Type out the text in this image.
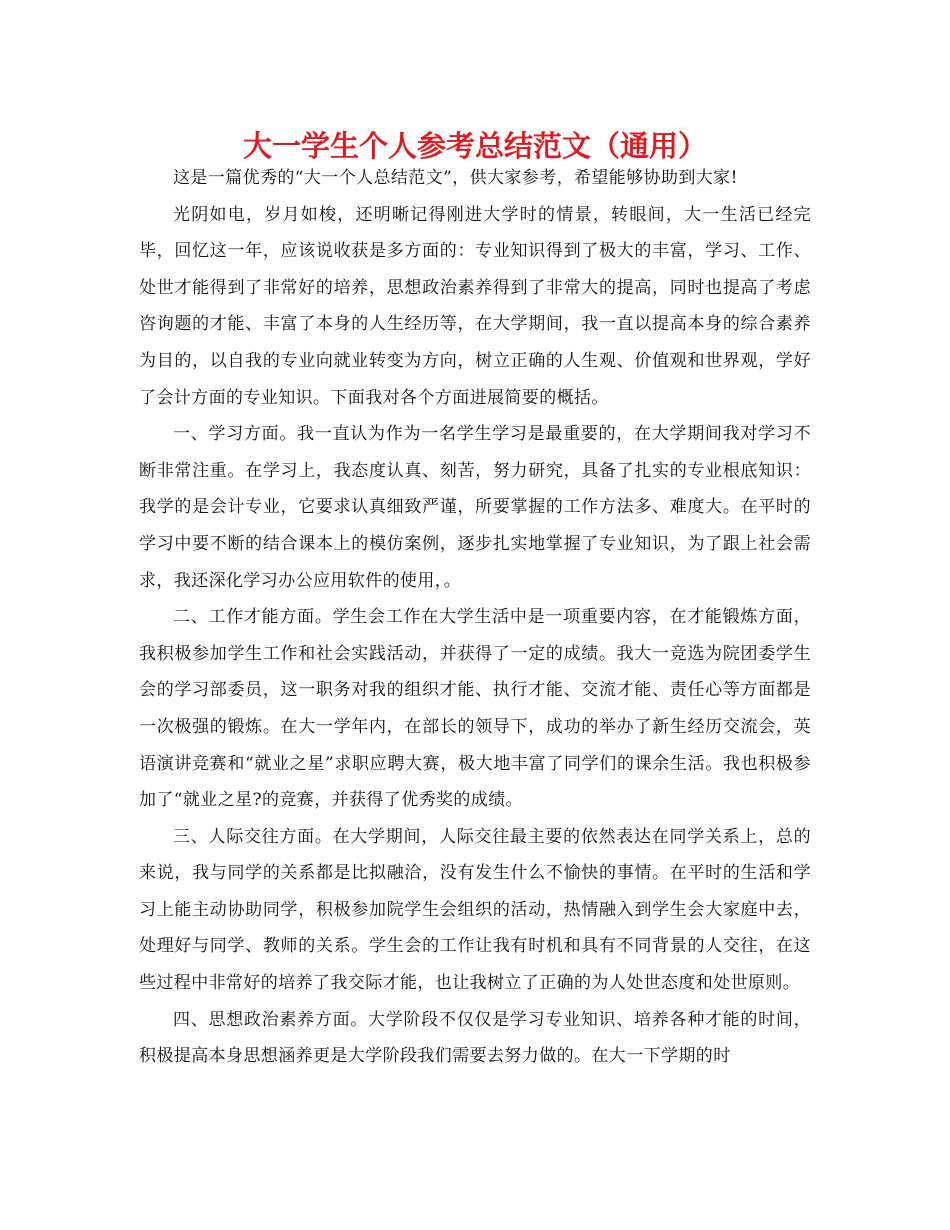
大一学生个人参考总结范文（通用）

这是一篇优秀的“大一个人总结范文”，供大家参考，希望能够协助到大家!

光阴如电，岁月如梭，还明晰记得刚进大学时的情景，转眼间，大一生活已经完毕，回忆这一年，应该说收获是多方面的：专业知识得到了极大的丰富，学习、工作、处世才能得到了非常好的培养，思想政治素养得到了非常大的提高，同时也提高了考虑咨询题的才能、丰富了本身的人生经历等，在大学期间，我一直以提高本身的综合素养为目的，以自我的专业向就业转变为方向，树立正确的人生观、价值观和世界观，学好了会计方面的专业知识。下面我对各个方面进展简要的概括。

一、学习方面。我一直认为作为一名学生学习是最重要的，在大学期间我对学习不断非常注重。在学习上，我态度认真、刻苦，努力研究，具备了扎实的专业根底知识：我学的是会计专业，它要求认真细致严谨，所要掌握的工作方法多、难度大。在平时的学习中要不断的结合课本上的模仿案例，逐步扎实地掌握了专业知识，为了跟上社会需求，我还深化学习办公应用软件的使用，。

二、工作才能方面。学生会工作在大学生活中是一项重要内容，在才能锻炼方面，我积极参加学生工作和社会实践活动，并获得了一定的成绩。我大一竞选为院团委学生会的学习部委员，这一职务对我的组织才能、执行才能、交流才能、责任心等方面都是一次极强的锻炼。在大一学年内，在部长的领导下，成功的举办了新生经历交流会，英语演讲竞赛和“就业之星”求职应聘大赛，极大地丰富了同学们的课余生活。我也积极参加了“就业之星?的竞赛，并获得了优秀奖的成绩。

三、人际交往方面。在大学期间，人际交往最主要的依然表达在同学关系上，总的来说，我与同学的关系都是比拟融洽，没有发生什么不愉快的事情。在平时的生活和学习上能主动协助同学，积极参加院学生会组织的活动，热情融入到学生会大家庭中去，处理好与同学、教师的关系。学生会的工作让我有时机和具有不同背景的人交往，在这些过程中非常好的培养了我交际才能，也让我树立了正确的为人处世态度和处世原则。

四、思想政治素养方面。大学阶段不仅仅是学习专业知识、培养各种才能的时间，积极提高本身思想涵养更是大学阶段我们需要去努力做的。在大一下学期的时
